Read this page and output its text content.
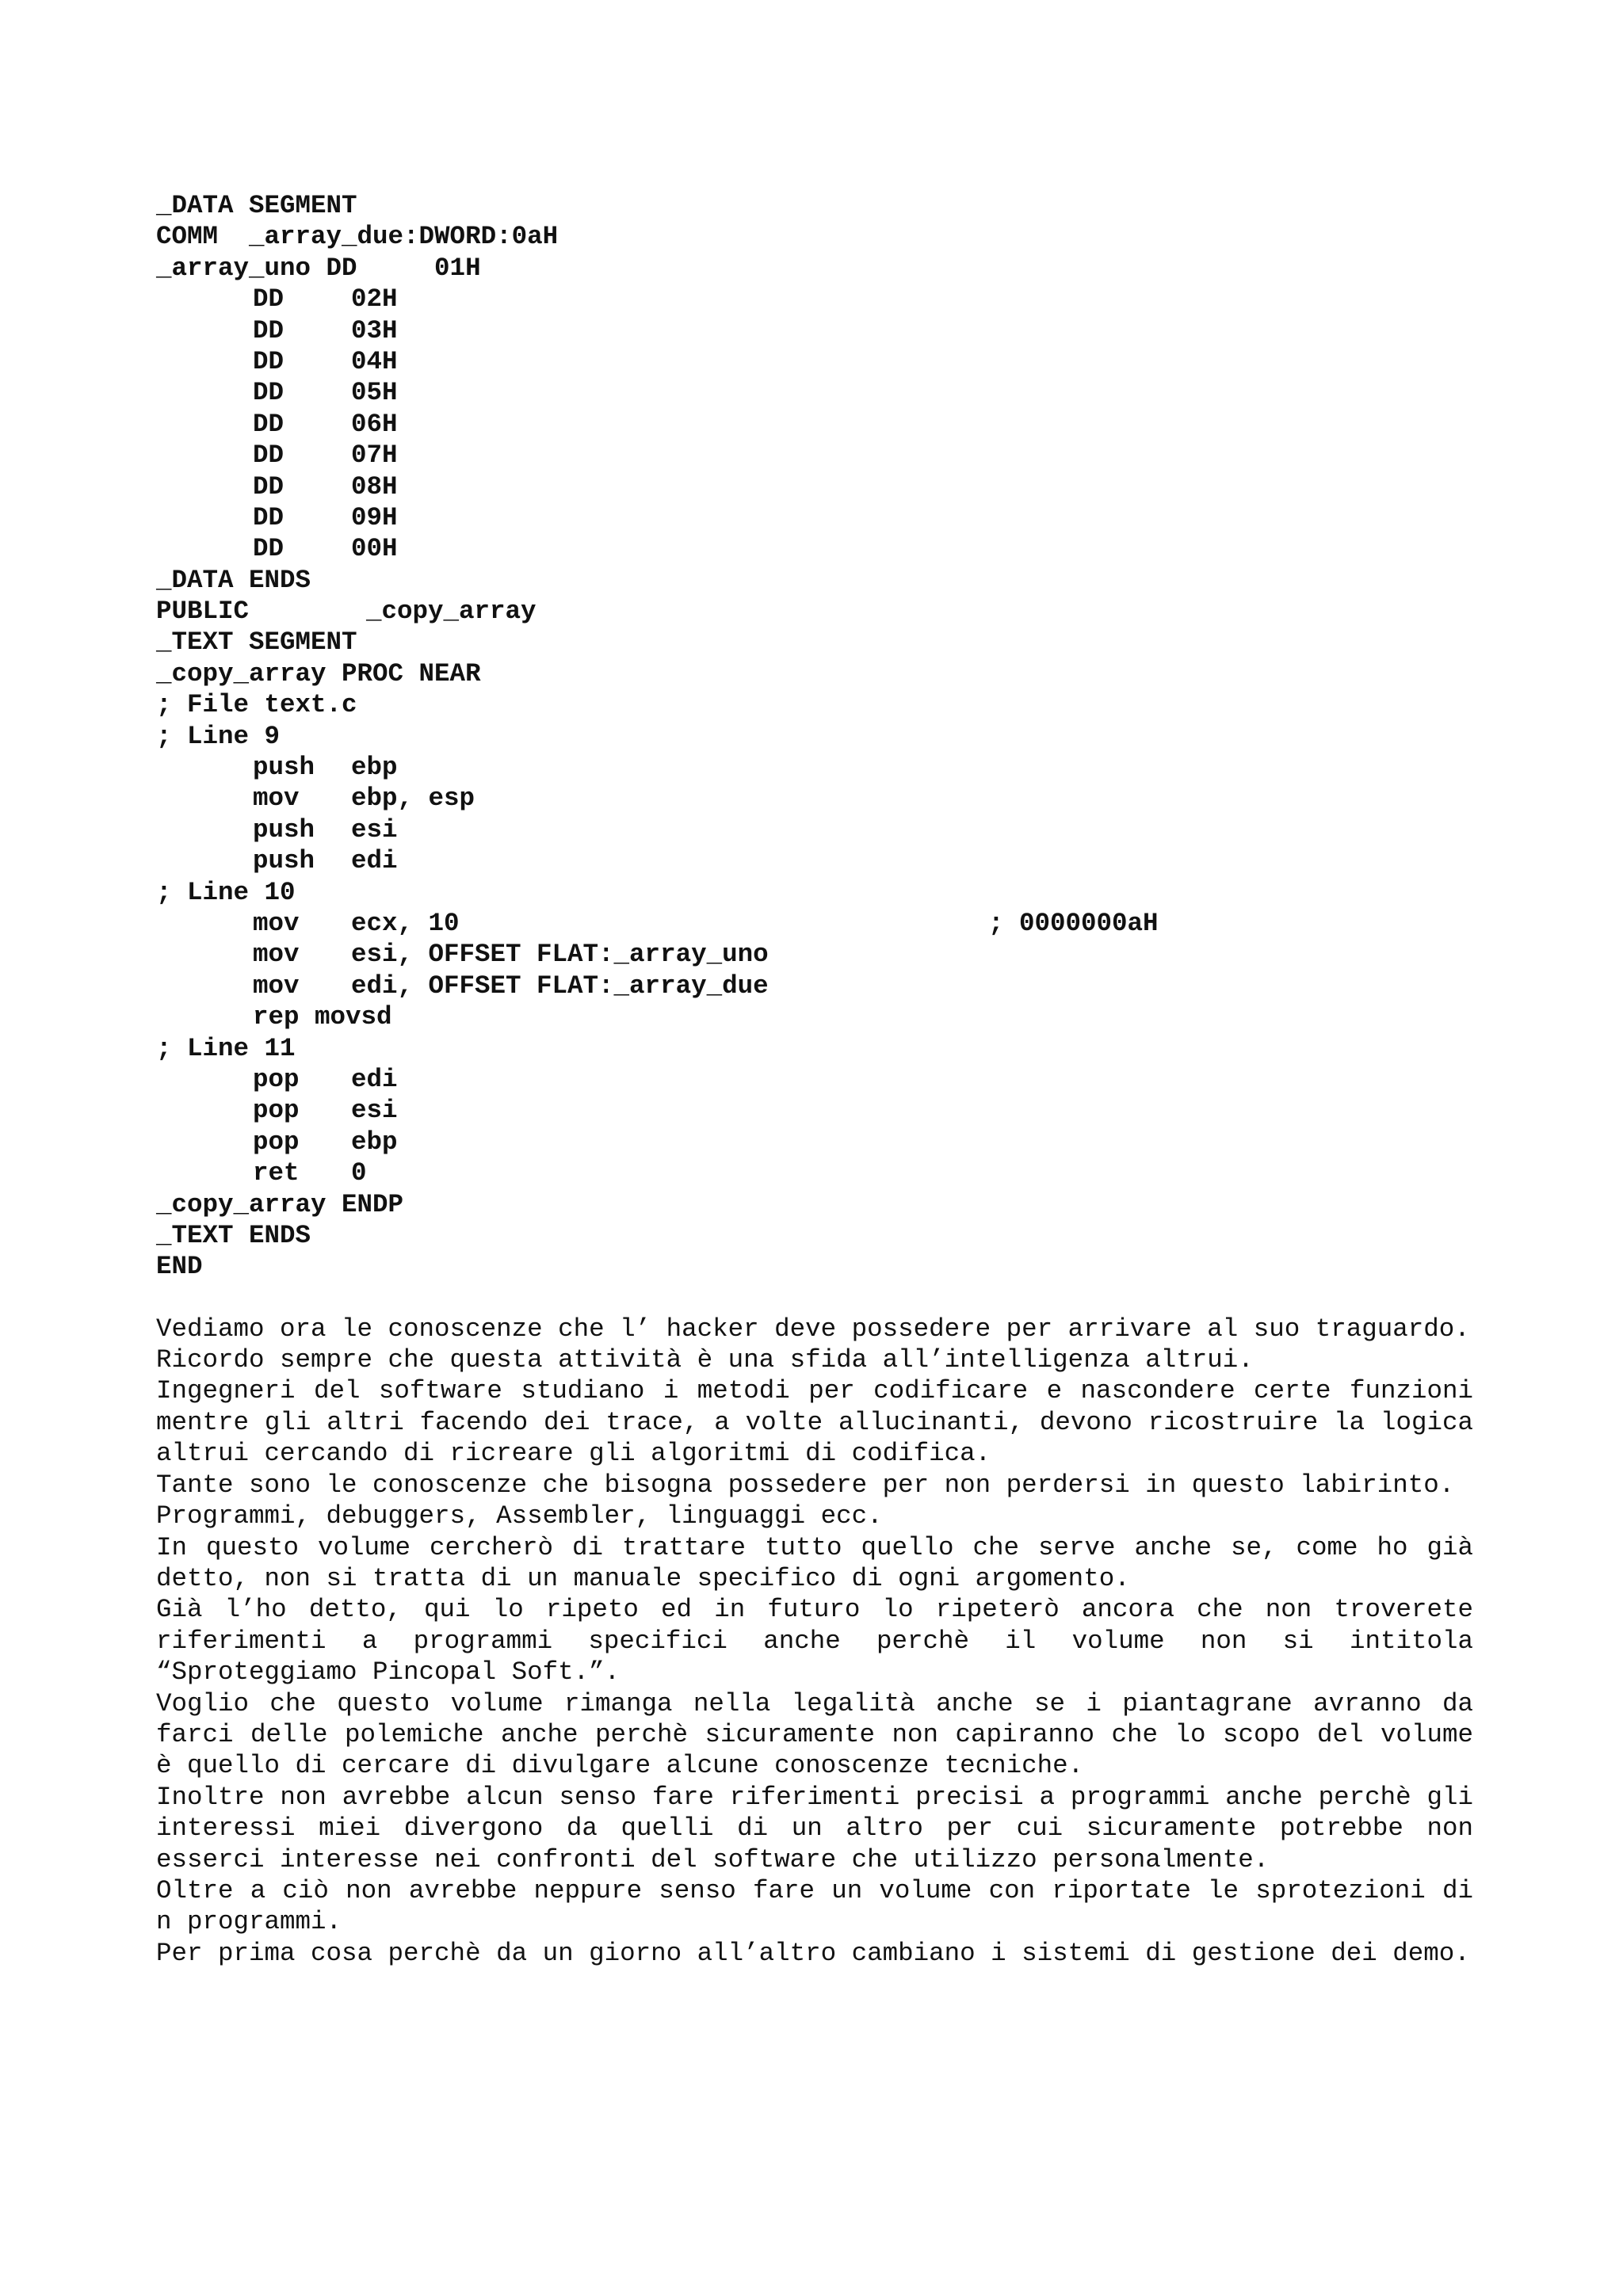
_DATA SEGMENT
COMM  _array_due:DWORD:0aH
_array_uno DD     01H
DD	02H
DD	03H
DD	04H
DD	05H
DD	06H
DD	07H
DD	08H
DD	09H
DD	00H
_DATA ENDS
PUBLIC	_copy_array
_TEXT SEGMENT
_copy_array PROC NEAR
; File text.c
; Line 9
push ebp
mov ebp, esp
push esi
push edi
; Line 10
mov ecx, 10	; 0000000aH
mov esi, OFFSET FLAT:_array_uno
mov edi, OFFSET FLAT:_array_due
rep movsd
; Line 11
pop edi
pop esi
pop ebp
ret 0
_copy_array ENDP
_TEXT ENDS
END

Vediamo ora le conoscenze che l’ hacker deve possedere per arrivare al suo traguardo.

Ricordo sempre che questa attività è una sfida all’intelligenza altrui.

Ingegneri del software studiano i metodi per codificare e nascondere certe funzioni mentre gli altri facendo dei trace, a volte allucinanti, devono ricostruire la logica altrui cercando di ricreare gli algoritmi di codifica.

Tante sono le conoscenze che bisogna possedere per non perdersi in questo labirinto.

Programmi, debuggers, Assembler, linguaggi ecc.

In questo volume cercherò di trattare tutto quello che serve anche se, come ho già detto, non si tratta di un manuale specifico di ogni argomento.

Già l’ho detto, qui lo ripeto ed in futuro lo ripeterò ancora che non troverete riferimenti a programmi specifici anche perchè il volume non si intitola “Sproteggiamo Pincopal Soft.”.

Voglio che questo volume rimanga nella legalità anche se i piantagrane avranno da farci delle polemiche anche perchè sicuramente non capiranno che lo scopo del volume è quello di cercare di divulgare alcune conoscenze tecniche.

Inoltre non avrebbe alcun senso fare riferimenti precisi a programmi anche perchè gli interessi miei divergono da quelli di un altro per cui sicuramente potrebbe non esserci interesse nei confronti del software che utilizzo personalmente.

Oltre a ciò non avrebbe neppure senso fare un volume con riportate le sprotezioni di n programmi.

Per prima cosa perchè da un giorno all’altro cambiano i sistemi di gestione dei demo.
